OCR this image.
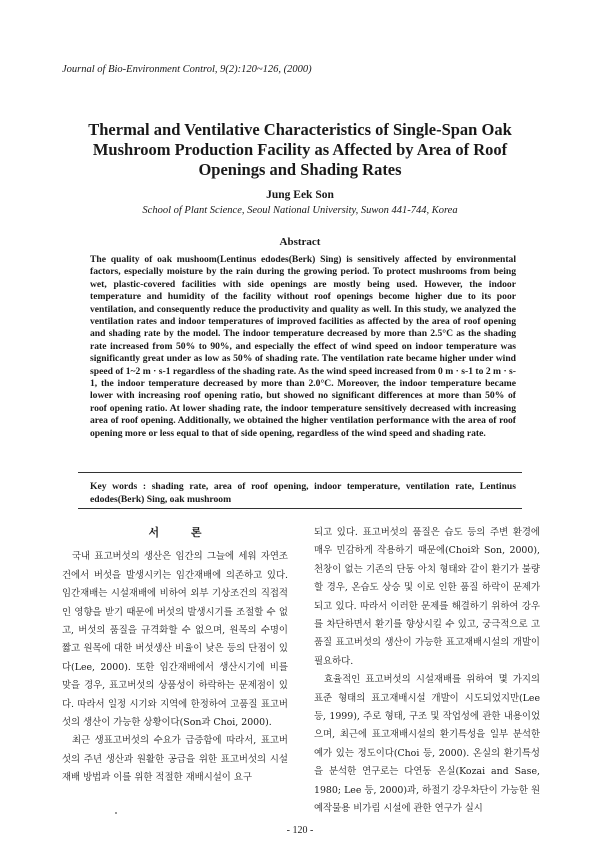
Journal of Bio-Environment Control, 9(2):120~126, (2000)
Thermal and Ventilative Characteristics of Single-Span Oak Mushroom Production Facility as Affected by Area of Roof Openings and Shading Rates
Jung Eek Son
School of Plant Science, Seoul National University, Suwon 441-744, Korea
Abstract
The quality of oak mushoom(Lentinus edodes(Berk) Sing) is sensitively affected by environmental factors, especially moisture by the rain during the growing period. To protect mushrooms from being wet, plastic-covered facilities with side openings are mostly being used. However, the indoor temperature and humidity of the facility without roof openings become higher due to its poor ventilation, and consequently reduce the productivity and quality as well. In this study, we analyzed the ventilation rates and indoor temperatures of improved facilities as affected by the area of roof opening and shading rate by the model. The indoor temperature decreased by more than 2.5°C as the shading rate increased from 50% to 90%, and especially the effect of wind speed on indoor temperature was significantly great under as low as 50% of shading rate. The ventilation rate became higher under wind speed of 1~2 m · s-1 regardless of the shading rate. As the wind speed increased from 0 m · s-1 to 2 m · s-1, the indoor temperature decreased by more than 2.0°C. Moreover, the indoor temperature became lower with increasing roof opening ratio, but showed no significant differences at more than 50% of roof opening ratio. At lower shading rate, the indoor temperature sensitively decreased with increasing area of roof opening. Additionally, we obtained the higher ventilation performance with the area of roof opening more or less equal to that of side opening, regardless of the wind speed and shading rate.
Key words : shading rate, area of roof opening, indoor temperature, ventilation rate, Lentinus edodes(Berk) Sing, oak mushroom
서 론

국내 표고버섯의 생산은 임간의 그늘에 세워 자연조건에서 버섯을 발생시키는 임간재배에 의존하고 있다. 임간재배는 시설재배에 비하여 외부 기상조건의 직접적인 영향을 받기 때문에 버섯의 발생시기를 조절할 수 없고, 버섯의 품질을 규격화할 수 없으며, 원목의 수명이 짧고 원목에 대한 버섯생산 비율이 낮은 등의 단점이 있다(Lee, 2000). 또한 임간재배에서 생산시기에 비를 맞을 경우, 표고버섯의 상품성이 하락하는 문제점이 있다. 따라서 일정 시기와 지역에 한정하여 고품질 표고버섯의 생산이 가능한 상황이다(Son과 Choi, 2000).

최근 생표고버섯의 수요가 급증함에 따라서, 표고버섯의 주년 생산과 원활한 공급을 위한 표고버섯의 시설재배 방법과 이를 위한 적절한 재배시설이 요구

되고 있다. 표고버섯의 품질은 습도 등의 주변 환경에 매우 민감하게 작용하기 때문에(Choi와 Son, 2000), 천창이 없는 기존의 단동 아치 형태와 같이 환기가 불량할 경우, 온습도 상승 및 이로 인한 품질 하락이 문제가 되고 있다. 따라서 이러한 문제를 해결하기 위하여 강우를 차단하면서 환기를 향상시킬 수 있고, 궁극적으로 고품질 표고버섯의 생산이 가능한 표고재배시설의 개발이 필요하다.

효율적인 표고버섯의 시설재배를 위하여 몇 가지의 표준 형태의 표고재배시설 개발이 시도되었지만(Lee 등, 1999), 주로 형태, 구조 및 작업성에 관한 내용이었으며, 최근에 표고재배시설의 환기특성을 일부 분석한 예가 있는 정도이다(Choi 등, 2000). 온실의 환기특성을 분석한 연구로는 다연동 온실(Kozai and Sase, 1980; Lee 등, 2000)과, 하절기 강우차단이 가능한 원예작물용 비가림 시설에 관한 연구가 실시

- 120 -
